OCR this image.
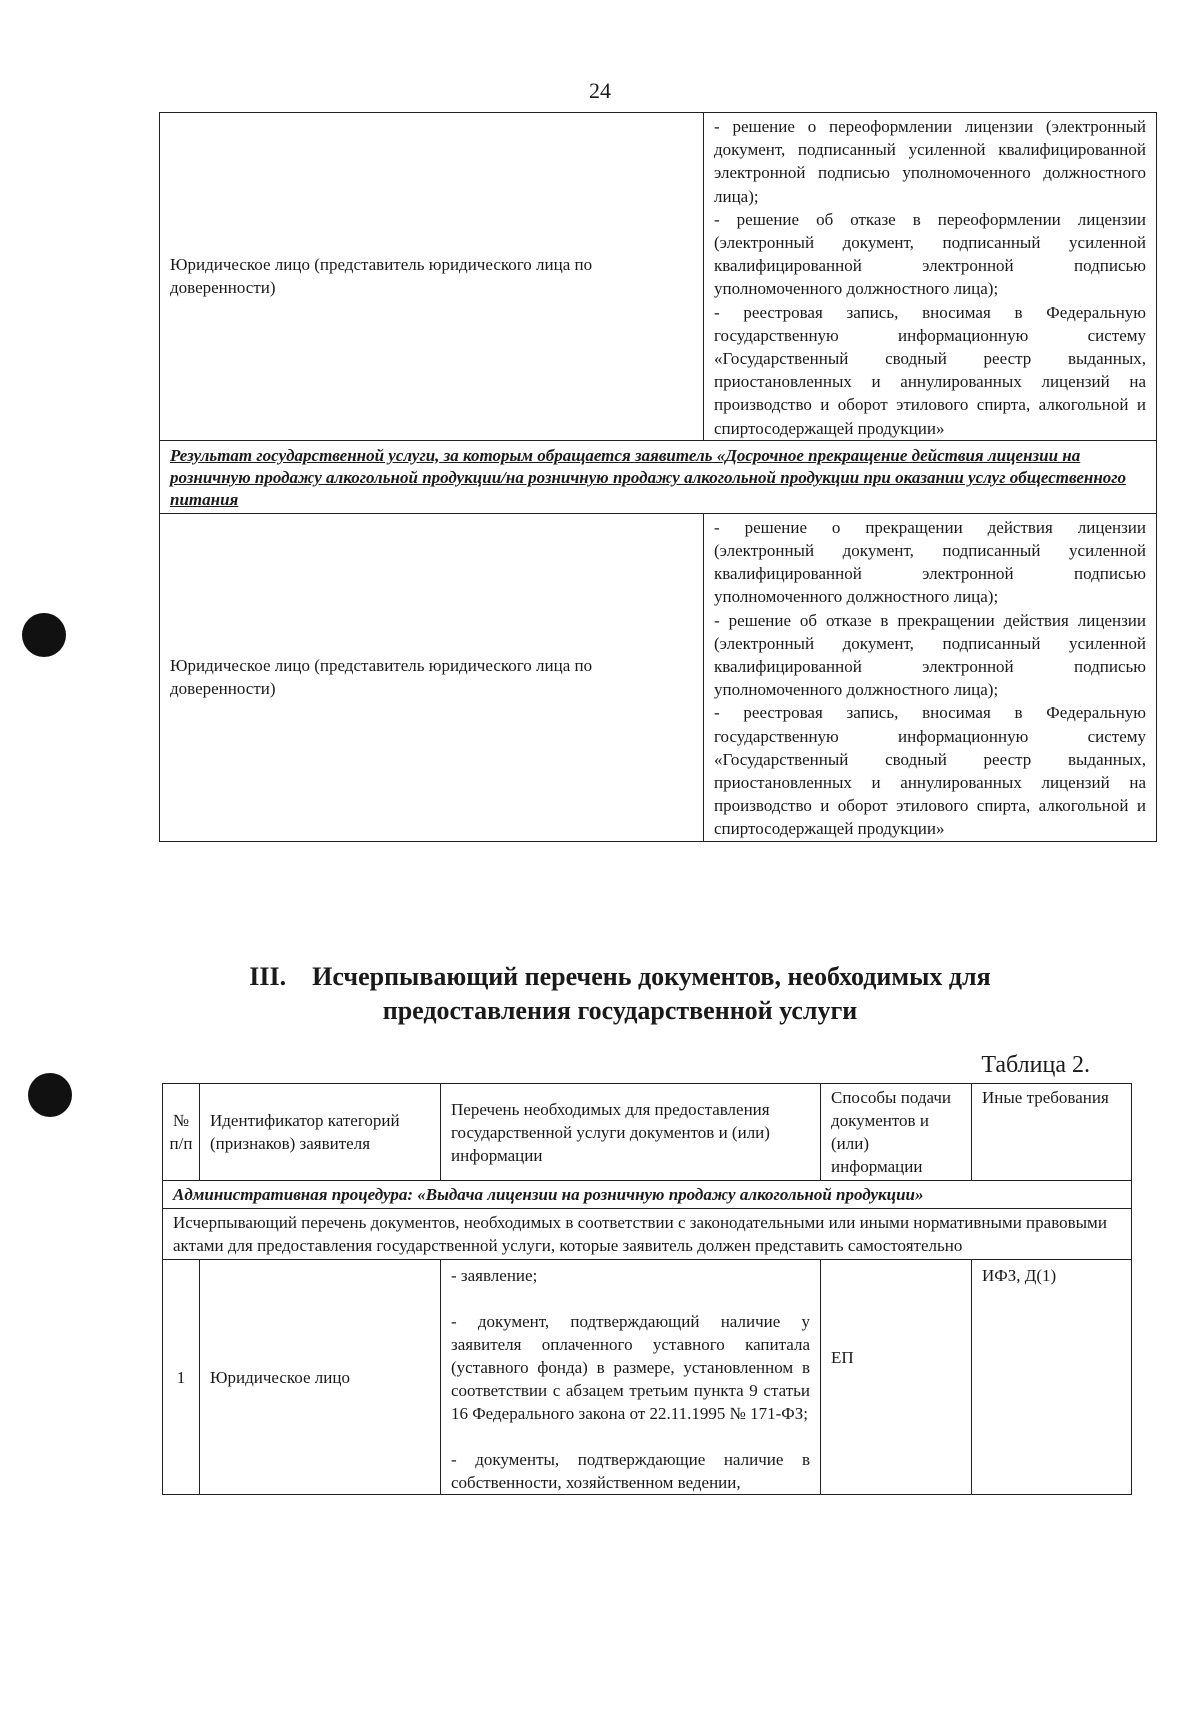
24
Юридическое лицо (представитель юридического лица по доверенности)	- решение о переоформлении лицензии (электронный документ, подписанный усиленной квалифицированной электронной подписью уполномоченного должностного лица);
- решение об отказе в переоформлении лицензии (электронный документ, подписанный усиленной квалифицированной электронной подписью уполномоченного должностного лица);
- реестровая запись, вносимая в Федеральную государственную информационную систему «Государственный сводный реестр выданных, приостановленных и аннулированных лицензий на производство и оборот этилового спирта, алкогольной и спиртосодержащей продукции»

Результат государственной услуги, за которым обращается заявитель «Досрочное прекращение действия лицензии на розничную продажу алкогольной продукции/на розничную продажу алкогольной продукции при оказании услуг общественного питания	
Юридическое лицо (представитель юридического лица по доверенности)	- решение о прекращении действия лицензии (электронный документ, подписанный усиленной квалифицированной электронной подписью уполномоченного должностного лица);
- решение об отказе в прекращении действия лицензии (электронный документ, подписанный усиленной квалифицированной электронной подписью уполномоченного должностного лица);
- реестровая запись, вносимая в Федеральную государственную информационную систему «Государственный сводный реестр выданных, приостановленных и аннулированных лицензий на производство и оборот этилового спирта, алкогольной и спиртосодержащей продукции»
III. Исчерпывающий перечень документов, необходимых для предоставления государственной услуги
Таблица 2.
№ п/п	Идентификатор категорий (признаков) заявителя	Перечень необходимых для предоставления государственной услуги документов и (или) информации	Способы подачи документов и (или) информации	Иные требования
Административная процедура: «Выдача лицензии на розничную продажу алкогольной продукции»				
Исчерпывающий перечень документов, необходимых в соответствии с законодательными или иными нормативными правовыми актами для предоставления государственной услуги, которые заявитель должен представить самостоятельно				
1	Юридическое лицо	- заявление;
- документ, подтверждающий наличие у заявителя оплаченного уставного капитала (уставного фонда) в размере, установленном в соответствии с абзацем третьим пункта 9 статьи 16 Федерального закона от 22.11.1995 № 171-ФЗ;
- документы, подтверждающие наличие в собственности, хозяйственном ведении,	ЕП	ИФЗ, Д(1)
